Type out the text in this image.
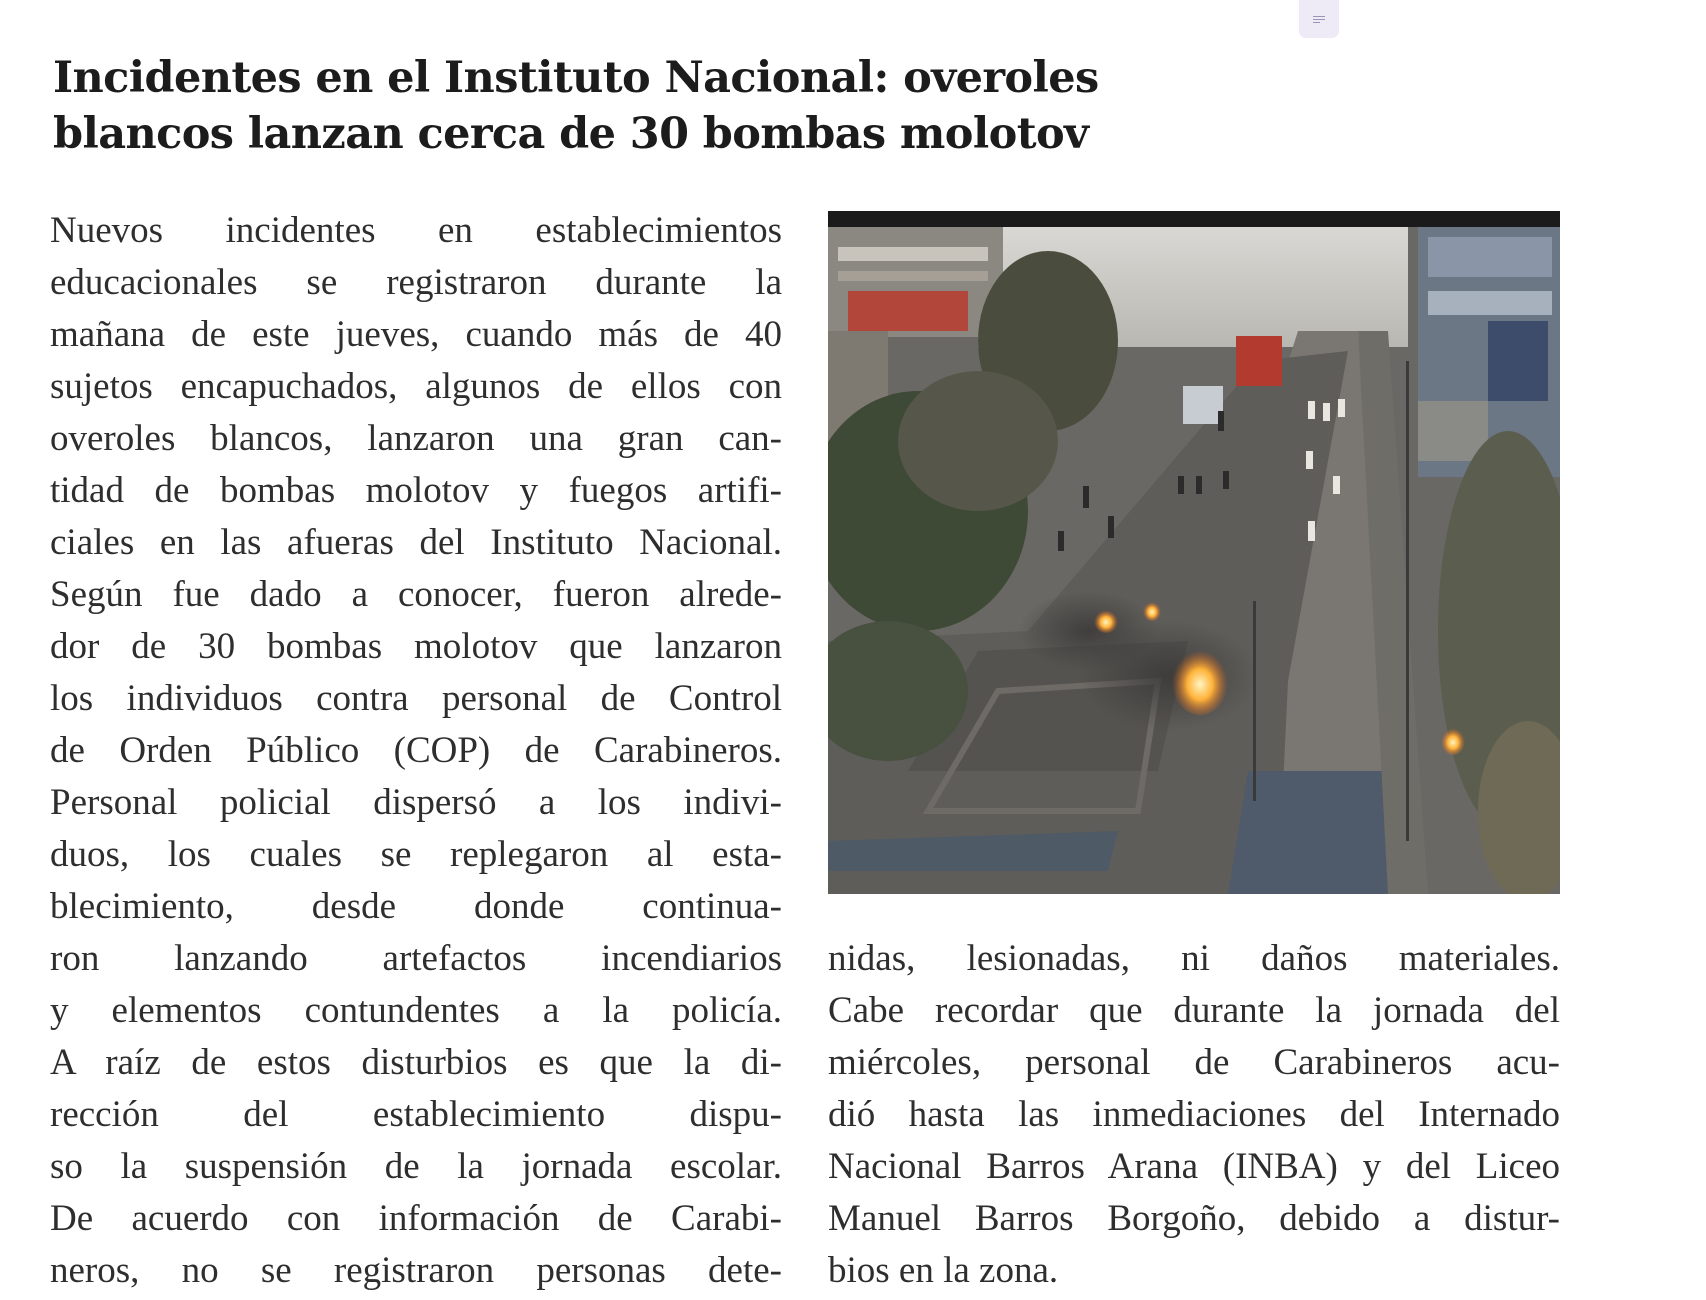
Incidentes en el Instituto Nacional: overoles
blancos lanzan cerca de 30 bombas molotov
Nuevos incidentes en establecimientos
educacionales se registraron durante la
mañana de este jueves, cuando más de 40
sujetos encapuchados, algunos de ellos con
overoles blancos, lanzaron una gran can-
tidad de bombas molotov y fuegos artifi-
ciales en las afueras del Instituto Nacional.
Según fue dado a conocer, fueron alrede-
dor de 30 bombas molotov que lanzaron
los individuos contra personal de Control
de Orden Público (COP) de Carabineros.
Personal policial dispersó a los indivi-
duos, los cuales se replegaron al esta-
blecimiento, desde donde continua-
ron lanzando artefactos incendiarios
y elementos contundentes a la policía.
A raíz de estos disturbios es que la di-
rección del establecimiento dispu-
so la suspensión de la jornada escolar.
De acuerdo con información de Carabi-
neros, no se registraron personas dete-
nidas, lesionadas, ni daños materiales.
Cabe recordar que durante la jornada del
miércoles, personal de Carabineros acu-
dió hasta las inmediaciones del Internado
Nacional Barros Arana (INBA) y del Liceo
Manuel Barros Borgoño, debido a distur-
bios en la zona.
